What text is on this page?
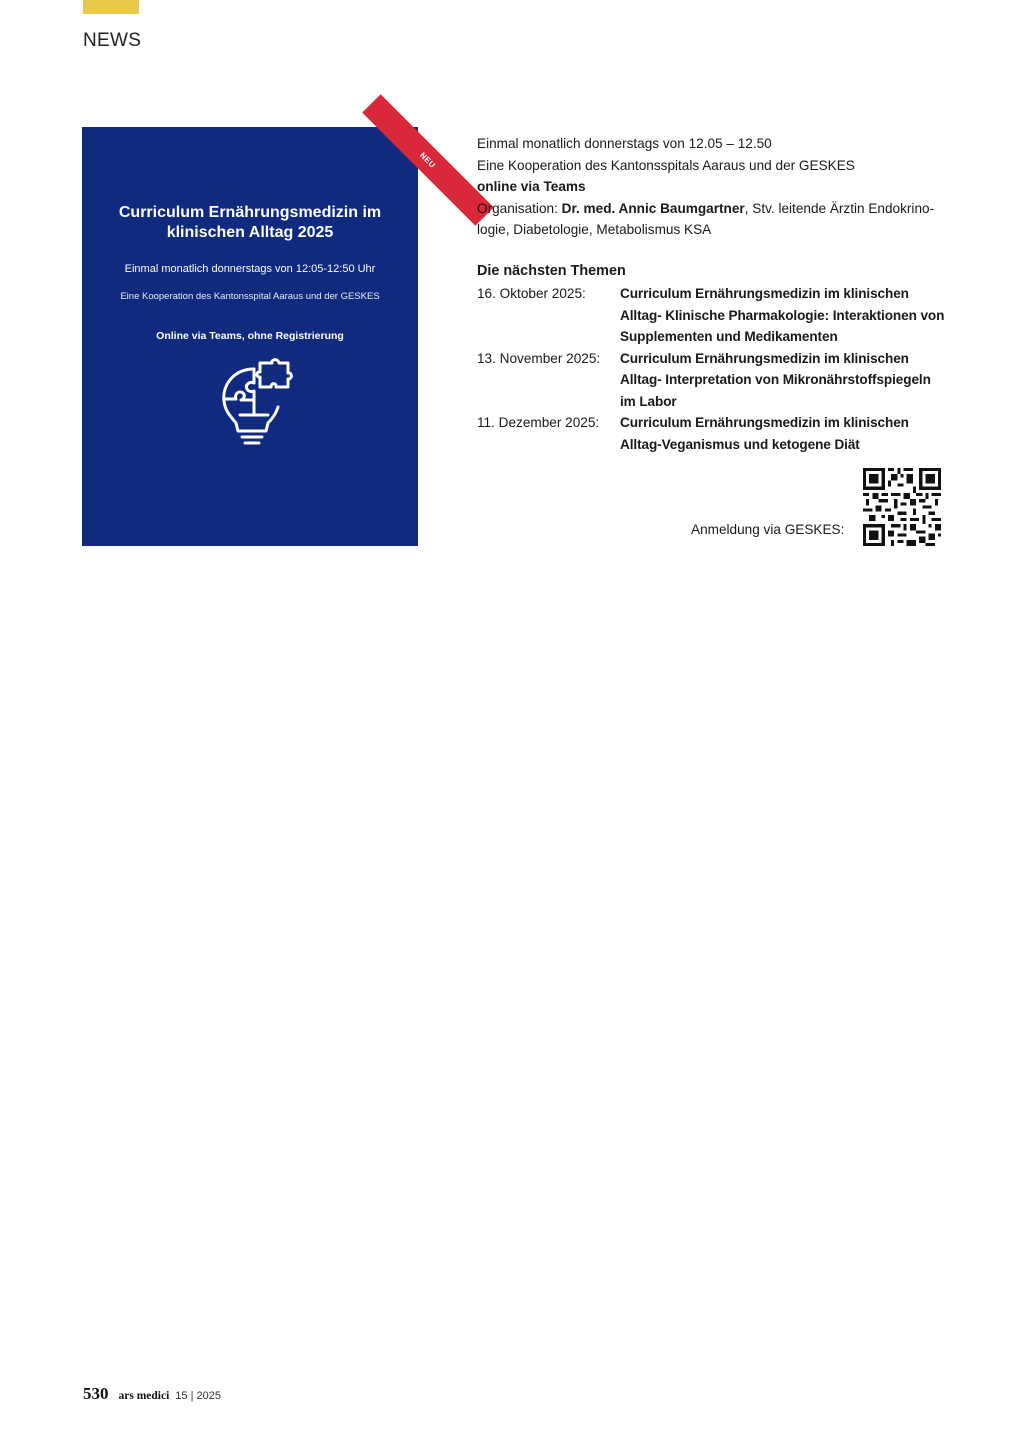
NEWS
NEU
Curriculum Ernährungsmedizin im klinischen Alltag 2025
Einmal monatlich donnerstags von 12:05-12:50 Uhr
Eine Kooperation des Kantonsspital Aaraus und der GESKES
Online via Teams, ohne Registrierung
Einmal monatlich donnerstags von 12.05 – 12.50
Eine Kooperation des Kantonsspitals Aaraus und der GESKES
online via Teams
Organisation: Dr. med. Annic Baumgartner, Stv. leitende Ärztin Endokrinologie, Diabetologie, Metabolismus KSA
Die nächsten Themen
16. Oktober 2025:	Curriculum Ernährungsmedizin im klinischen Alltag- Klinische Pharmakologie: Interaktionen von Supplementen und Medikamenten
13. November 2025:	Curriculum Ernährungsmedizin im klinischen Alltag- Interpretation von Mikronährstoffspiegeln im Labor
11. Dezember 2025:	Curriculum Ernährungsmedizin im klinischen Alltag-Veganismus und ketogene Diät
Anmeldung via GESKES:
530 ars medici 15 | 2025
